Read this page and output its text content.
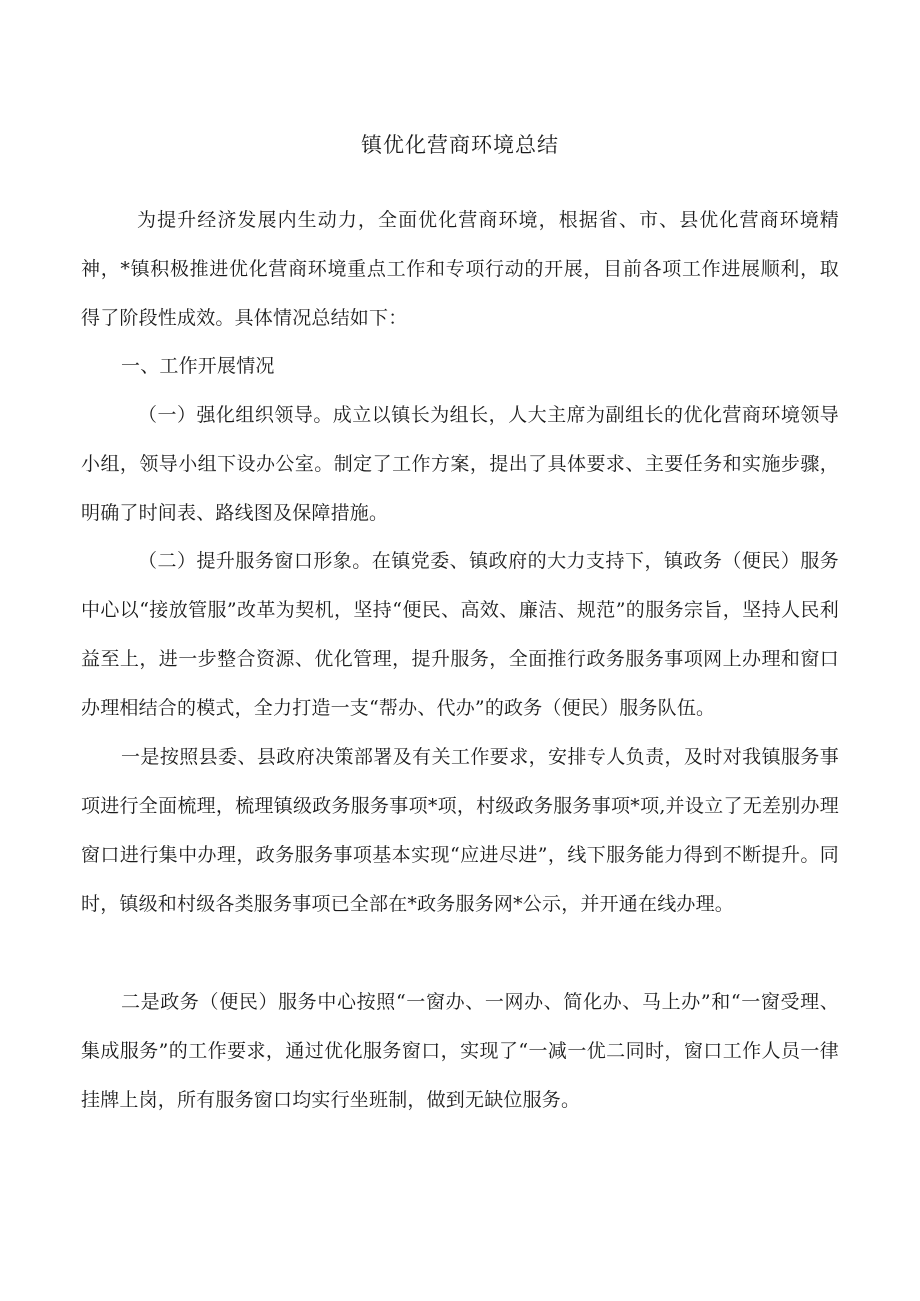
镇优化营商环境总结

为提升经济发展内生动力，全面优化营商环境，根据省、市、县优化营商环境精神，*镇积极推进优化营商环境重点工作和专项行动的开展，目前各项工作进展顺利，取得了阶段性成效。具体情况总结如下：

一、工作开展情况

（一）强化组织领导。成立以镇长为组长，人大主席为副组长的优化营商环境领导小组，领导小组下设办公室。制定了工作方案，提出了具体要求、主要任务和实施步骤，明确了时间表、路线图及保障措施。

（二）提升服务窗口形象。在镇党委、镇政府的大力支持下，镇政务（便民）服务中心以“接放管服”改革为契机，坚持“便民、高效、廉洁、规范”的服务宗旨，坚持人民利益至上，进一步整合资源、优化管理，提升服务，全面推行政务服务事项网上办理和窗口办理相结合的模式，全力打造一支“帮办、代办”的政务（便民）服务队伍。

一是按照县委、县政府决策部署及有关工作要求，安排专人负责，及时对我镇服务事项进行全面梳理，梳理镇级政务服务事项*项，村级政务服务事项*项,并设立了无差别办理窗口进行集中办理，政务服务事项基本实现“应进尽进”，线下服务能力得到不断提升。同时，镇级和村级各类服务事项已全部在*政务服务网*公示，并开通在线办理。

二是政务（便民）服务中心按照“一窗办、一网办、简化办、马上办”和“一窗受理、集成服务”的工作要求，通过优化服务窗口，实现了“一减一优二同时，窗口工作人员一律挂牌上岗，所有服务窗口均实行坐班制，做到无缺位服务。
